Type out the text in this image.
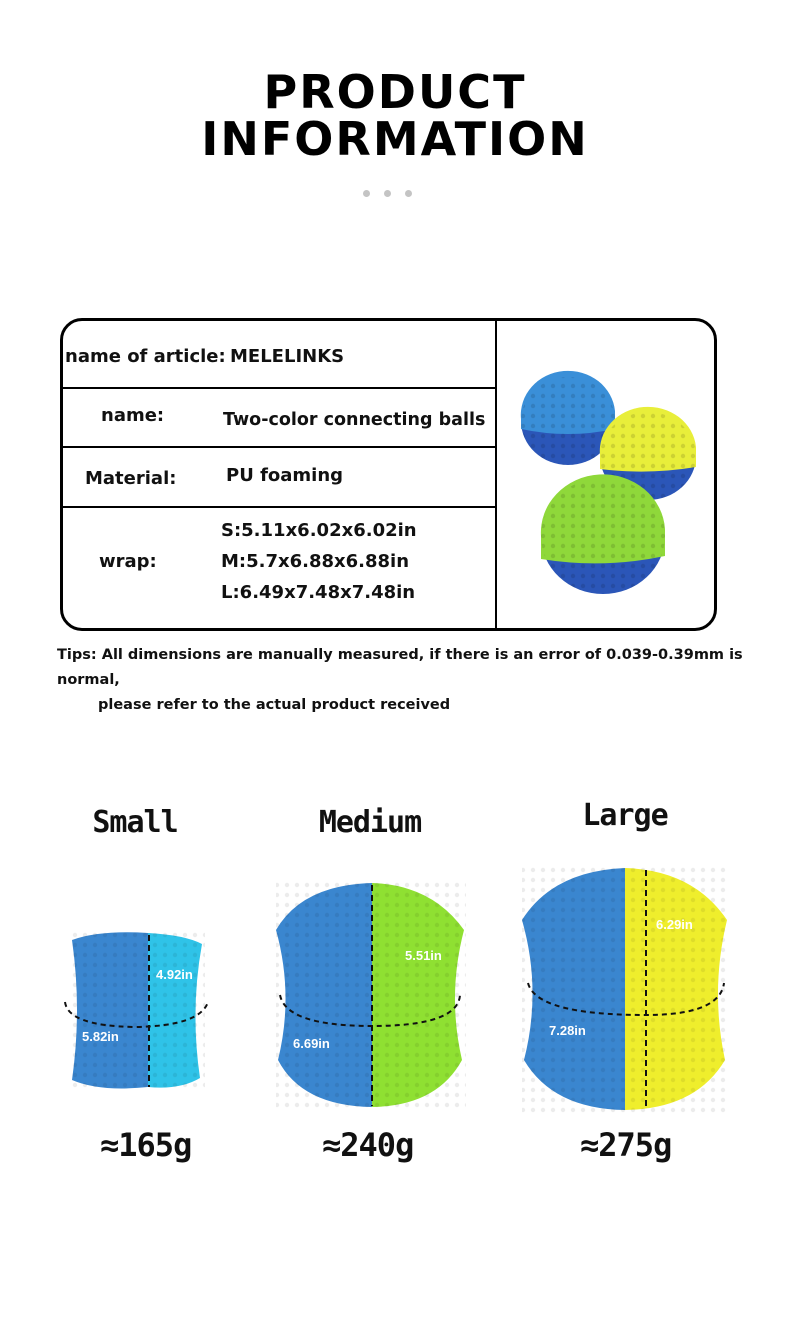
PRODUCT
INFORMATION
name of article: MELELINKS
name:	Two-color connecting balls
Material:	PU foaming
wrap:
S:5.11x6.02x6.02in
M:5.7x6.88x6.88in
L:6.49x7.48x7.48in
Tips: All dimensions are manually measured, if there is an error of 0.039-0.39mm is normal,
please refer to the actual product received
Small	Medium	Large
4.92in
5.82in
5.51in
6.69in
6.29in
7.28in
≈165g	≈240g	≈275g
